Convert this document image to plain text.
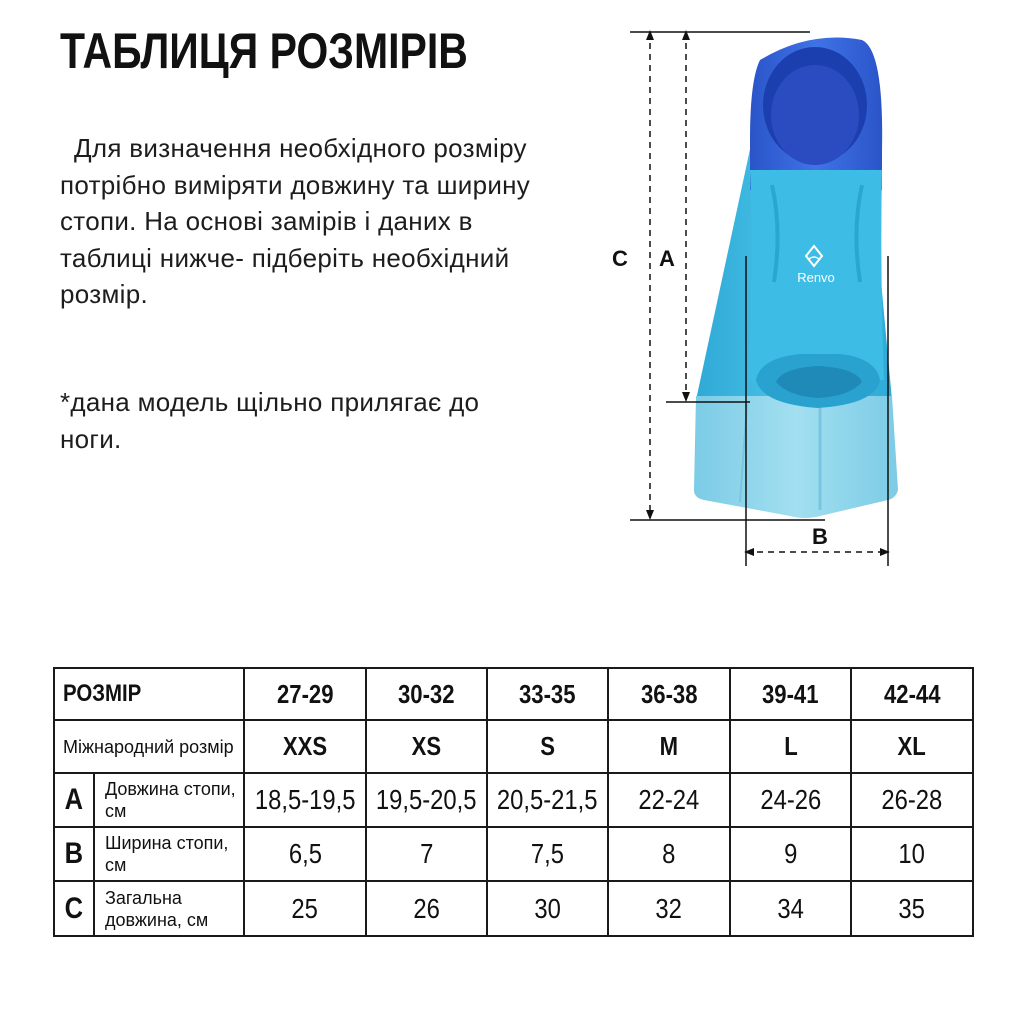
ТАБЛИЦЯ РОЗМІРІВ
Для визначення необхідного розміру потрібно виміряти довжину та ширину стопи. На основі замірів і даних в таблиці нижче- підберіть необхідний розмір.
*дана модель щільно прилягає до ноги.
Renvo
C A
B
РОЗМІР		27-29	30-32	33-35	36-38	39-41	42-44
Міжнародний розмір		XXS	XS	S	M	L	XL
A	Довжина стопи, см	18,5-19,5	19,5-20,5	20,5-21,5	22-24	24-26	26-28
B	Ширина стопи, см	6,5	7	7,5	8	9	10
C	Загальна довжина, см	25	26	30	32	34	35
